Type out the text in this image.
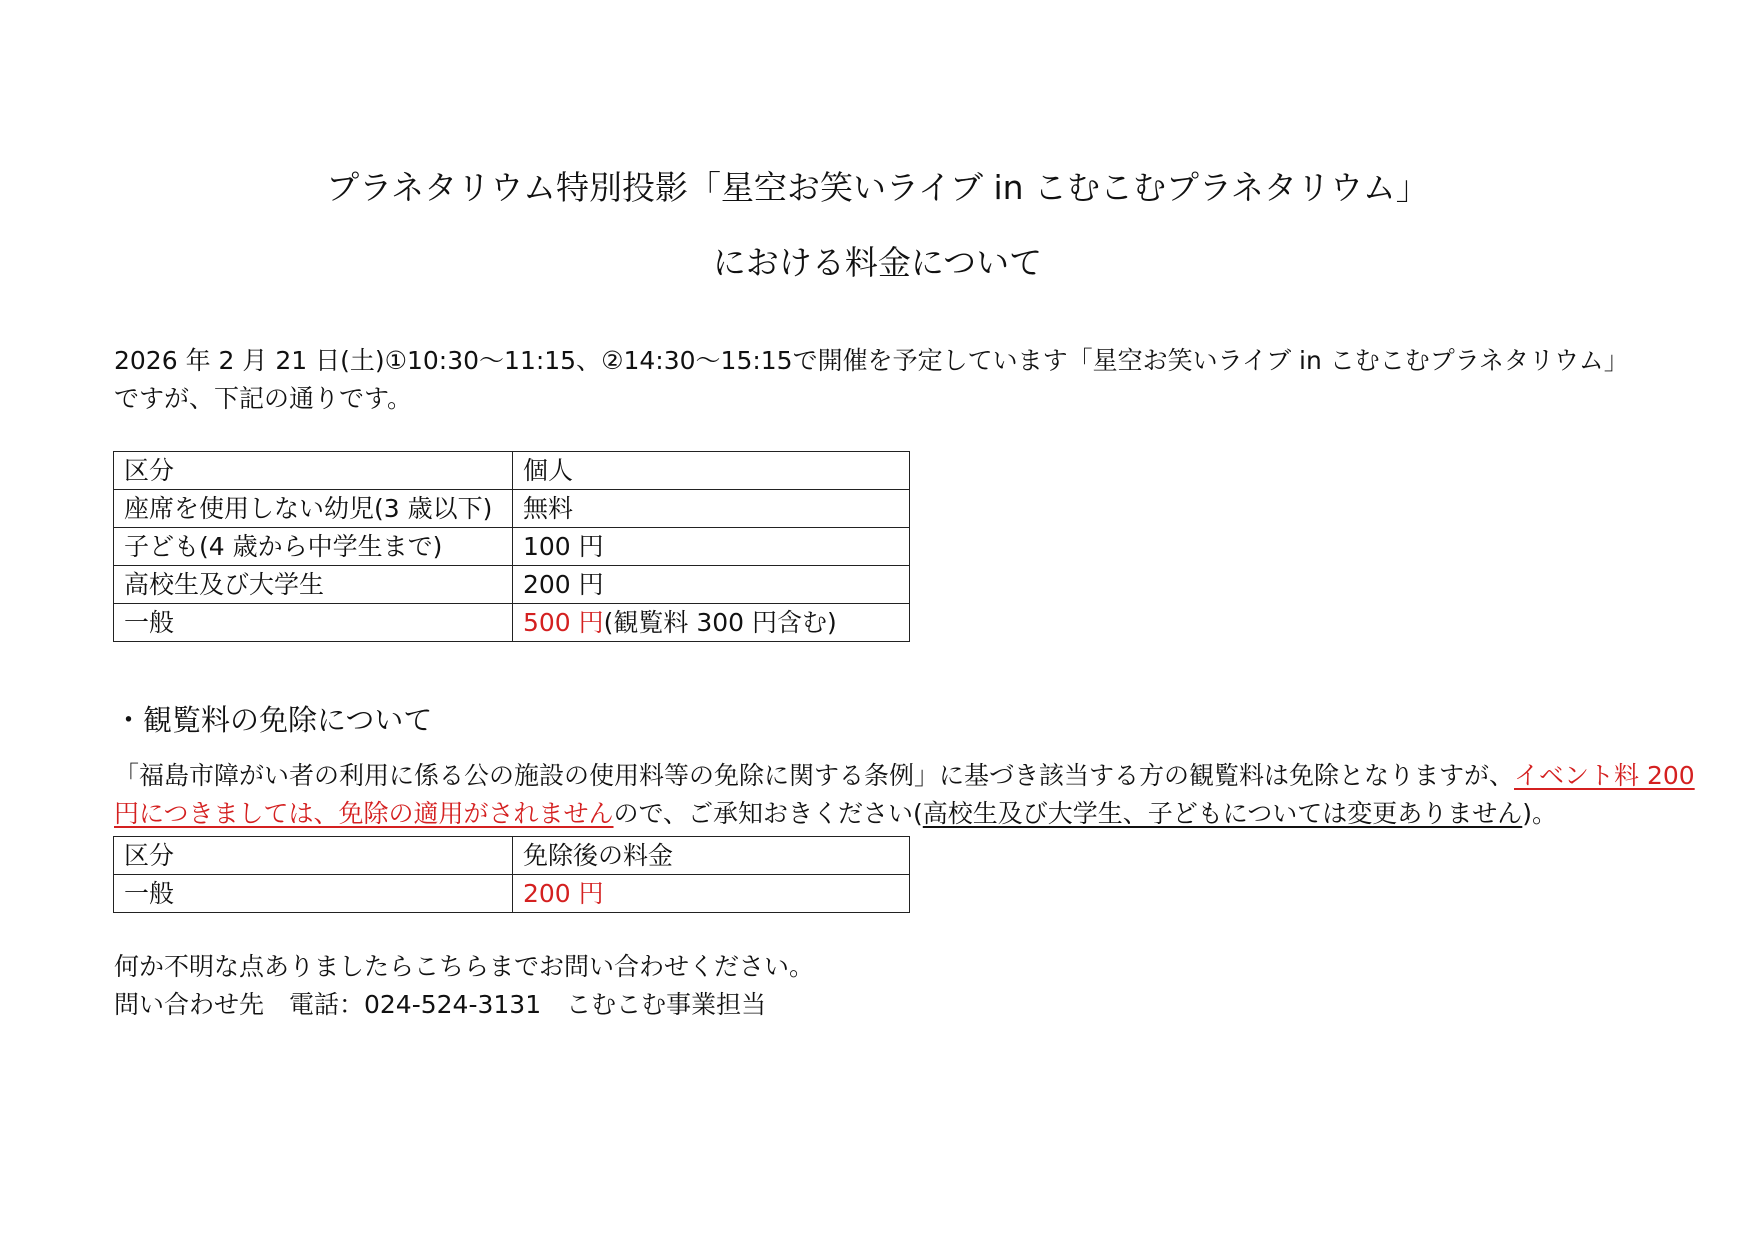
プラネタリウム特別投影「星空お笑いライブ in こむこむプラネタリウム」
における料金について

2026 年 2 月 21 日(土)①10:30～11:15、②14:30～15:15で開催を予定しています「星空お笑いライブ in こむこむプラネタリウム」
ですが、下記の通りです。

区分	個人
座席を使用しない幼児(3 歳以下)	無料
子ども(4 歳から中学生まで)	100 円
高校生及び大学生	200 円
一般	500 円(観覧料 300 円含む)
・観覧料の免除について

「福島市障がい者の利用に係る公の施設の使用料等の免除に関する条例」に基づき該当する方の観覧料は免除となりますが、イベント料 200
円につきましては、免除の適用がされませんので、ご承知おきください(高校生及び大学生、子どもについては変更ありません)。

区分	免除後の料金
一般	200 円

何か不明な点ありましたらこちらまでお問い合わせください。
問い合わせ先　電話：024-524-3131　こむこむ事業担当
